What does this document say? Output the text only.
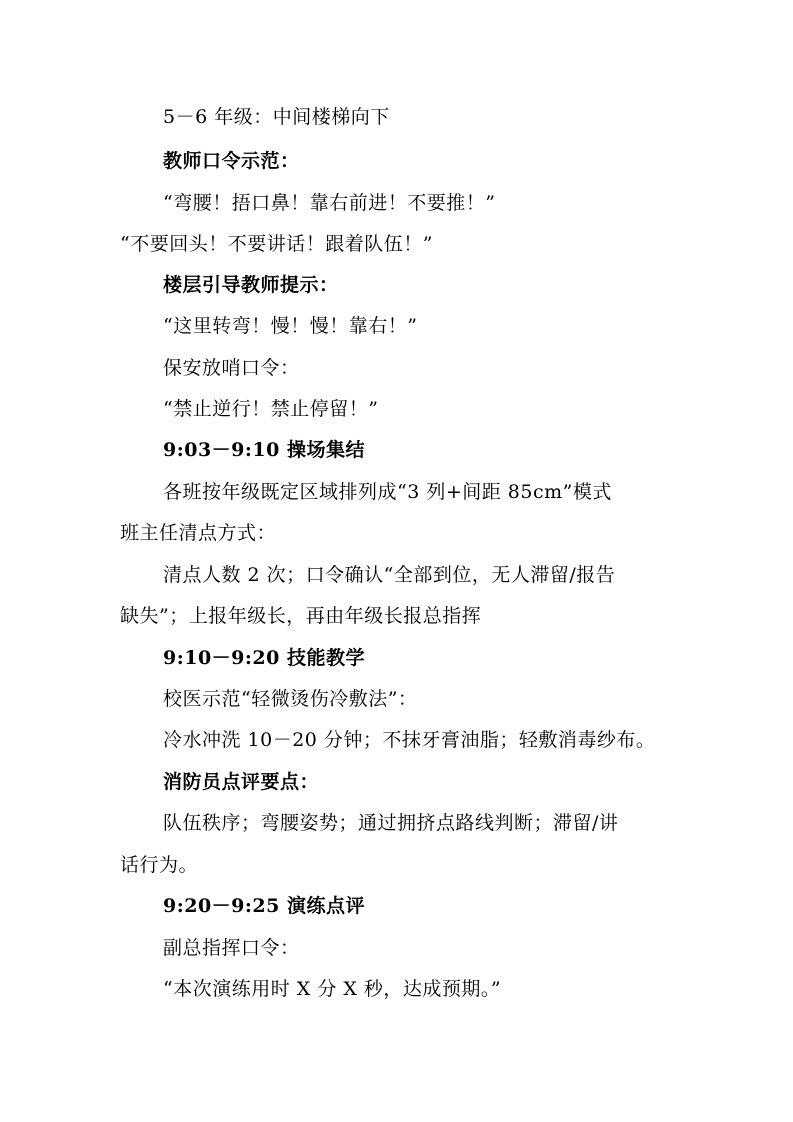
5－6 年级：中间楼梯向下
教师口令示范：
“弯腰！捂口鼻！靠右前进！不要推！”
“不要回头！不要讲话！跟着队伍！”
楼层引导教师提示：
“这里转弯！慢！慢！靠右！”
保安放哨口令：
“禁止逆行！禁止停留！”
9:03－9:10 操场集结
各班按年级既定区域排列成“3 列+间距 85cm”模式
班主任清点方式：
清点人数 2 次；口令确认“全部到位，无人滞留/报告
缺失”；上报年级长，再由年级长报总指挥
9:10－9:20 技能教学
校医示范“轻微烫伤冷敷法”：
冷水冲洗 10－20 分钟；不抹牙膏油脂；轻敷消毒纱布。
消防员点评要点：
队伍秩序；弯腰姿势；通过拥挤点路线判断；滞留/讲
话行为。
9:20－9:25 演练点评
副总指挥口令：
“本次演练用时 X 分 X 秒，达成预期。”
